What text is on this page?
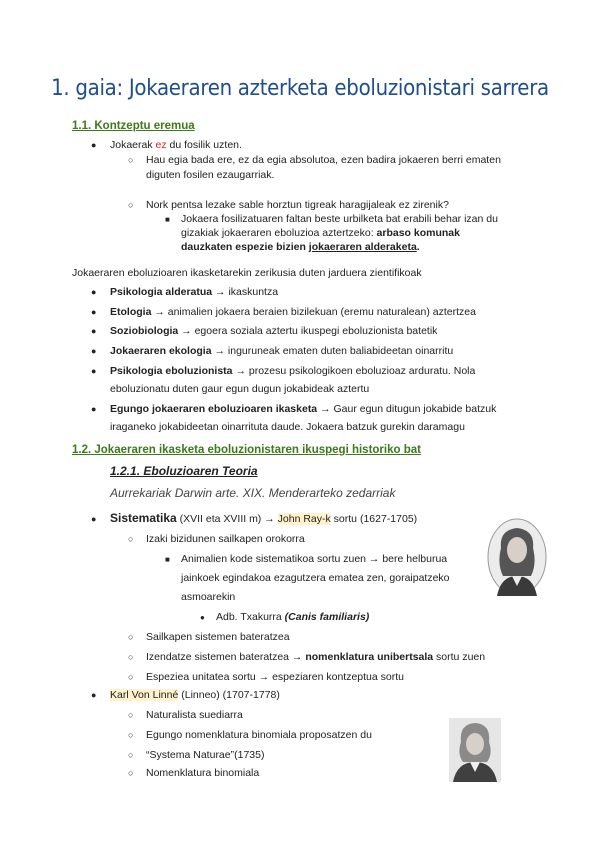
1. gaia: Jokaeraren azterketa eboluzionistari sarrera
1.1. Kontzeptu eremua
●
Jokaerak ez du fosilik uzten.
○
Hau egia bada ere, ez da egia absolutoa, ezen badira jokaeren berri ematen
diguten fosilen ezaugarriak.
○
Nork pentsa lezake sable horztun tigreak haragijaleak ez zirenik?
■
Jokaera fosilizatuaren faltan beste urbilketa bat erabili behar izan du
gizakiak jokaeraren eboluzioa aztertzeko: arbaso komunak
dauzkaten espezie bizien jokaeraren alderaketa.
Jokaeraren eboluzioaren ikasketarekin zerikusia duten jarduera zientifikoak
●
Psikologia alderatua → ikaskuntza
●
Etologia → animalien jokaera beraien bizilekuan (eremu naturalean) aztertzea
●
Soziobiologia → egoera soziala aztertu ikuspegi eboluzionista batetik
●
Jokaeraren ekologia → inguruneak ematen duten baliabideetan oinarritu
●
Psikologia eboluzionista → prozesu psikologikoen eboluzioaz arduratu. Nola
eboluzionatu duten gaur egun dugun jokabideak aztertu
●
Egungo jokaeraren eboluzioaren ikasketa → Gaur egun ditugun jokabide batzuk
iraganeko jokabideetan oinarrituta daude. Jokaera batzuk gurekin daramagu
1.2. Jokaeraren ikasketa eboluzionistaren ikuspegi historiko bat
1.2.1. Eboluzioaren Teoria
Aurrekariak Darwin arte. XIX. Menderarteko zedarriak
●
Sistematika (XVII eta XVIII m) → John Ray-k sortu (1627-1705)
○
Izaki bizidunen sailkapen orokorra
■
Animalien kode sistematikoa sortu zuen → bere helburua
jainkoek egindakoa ezagutzera ematea zen, goraipatzeko
asmoarekin
●
Adb. Txakurra (Canis familiaris)
○
Sailkapen sistemen bateratzea
○
Izendatze sistemen bateratzea → nomenklatura unibertsala sortu zuen
○
Espeziea unitatea sortu → espeziaren kontzeptua sortu
●
Karl Von Linné (Linneo) (1707-1778)
○
Naturalista suediarra
○
Egungo nomenklatura binomiala proposatzen du
○
“Systema Naturae”(1735)
○
Nomenklatura binomiala
